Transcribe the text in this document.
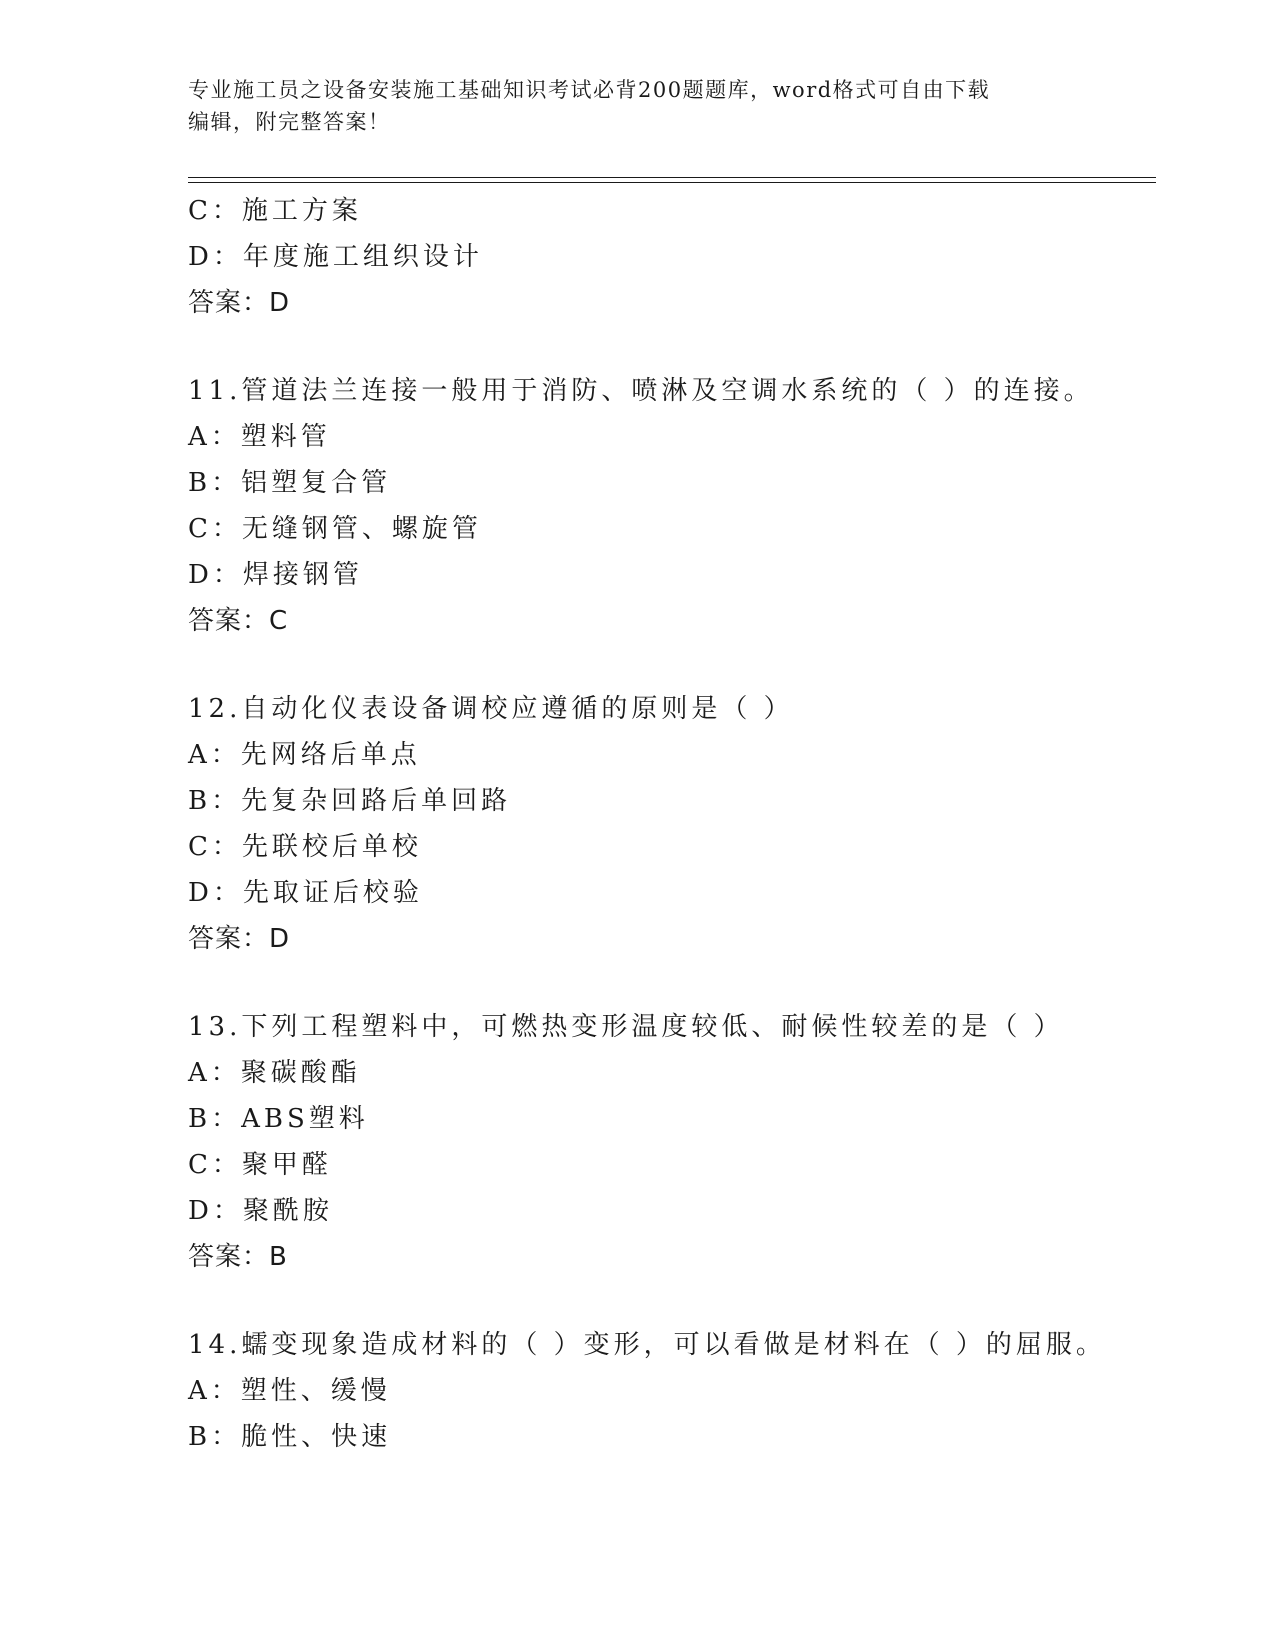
专业施工员之设备安装施工基础知识考试必背200题题库，word格式可自由下载
编辑，附完整答案！
C：施工方案
D：年度施工组织设计
答案：D
11.管道法兰连接一般用于消防、喷淋及空调水系统的（ ）的连接。
A：塑料管
B：铝塑复合管
C：无缝钢管、螺旋管
D：焊接钢管
答案：C
12.自动化仪表设备调校应遵循的原则是（ ）
A：先网络后单点
B：先复杂回路后单回路
C：先联校后单校
D：先取证后校验
答案：D
13.下列工程塑料中，可燃热变形温度较低、耐候性较差的是（ ）
A：聚碳酸酯
B：ABS塑料
C：聚甲醛
D：聚酰胺
答案：B
14.蠕变现象造成材料的（ ）变形，可以看做是材料在（ ）的屈服。
A：塑性、缓慢
B：脆性、快速
